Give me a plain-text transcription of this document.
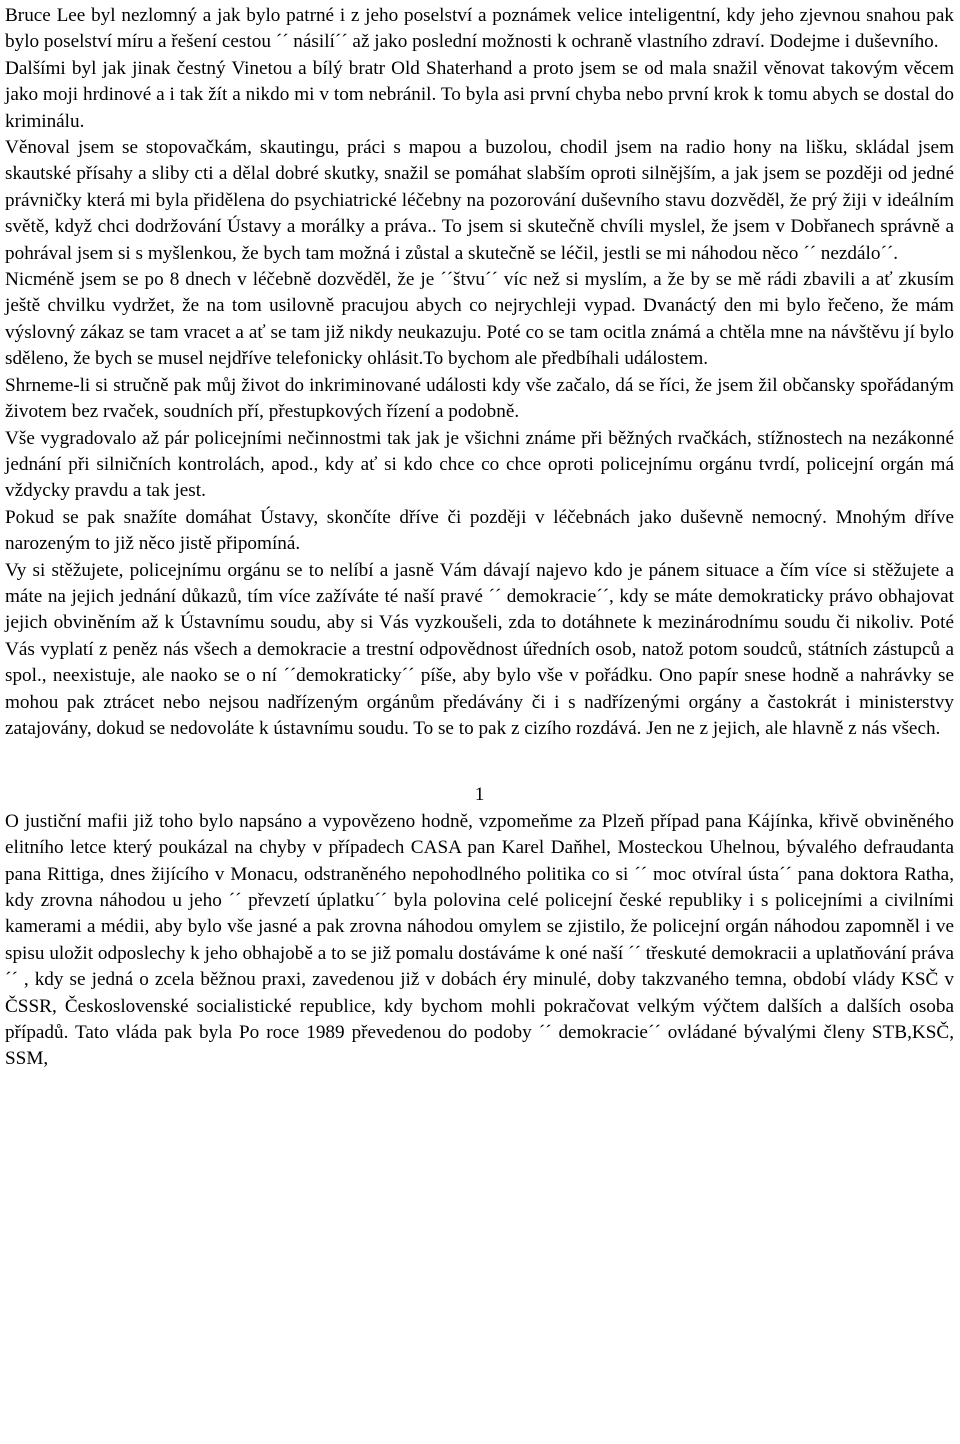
Bruce Lee byl nezlomný a jak bylo patrné i z jeho poselství a poznámek velice inteligentní, kdy jeho zjevnou snahou pak bylo poselství míru a řešení cestou ´´ násilí´´ až jako poslední možnosti k ochraně vlastního zdraví. Dodejme i duševního.

Dalšími byl jak jinak čestný Vinetou a bílý bratr Old Shaterhand a proto jsem se od mala snažil věnovat takovým věcem jako moji hrdinové a i tak žít a nikdo mi v tom nebránil. To byla asi první chyba nebo první krok k tomu abych se dostal do kriminálu.

Věnoval jsem se stopovačkám, skautingu, práci s mapou a buzolou, chodil jsem na radio hony na lišku, skládal jsem skautské přísahy a sliby cti a dělal dobré skutky, snažil se pomáhat slabším oproti silnějším, a jak jsem se později od jedné právničky která mi byla přidělena do psychiatrické léčebny na pozorování duševního stavu dozvěděl, že prý žiji v ideálním světě, když chci dodržování Ústavy a morálky a práva.. To jsem si skutečně chvíli myslel, že jsem v Dobřanech správně a pohrával jsem si s myšlenkou, že bych tam možná i zůstal a skutečně se léčil, jestli se mi náhodou něco ´´ nezdálo´´.

Nicméně jsem se po 8 dnech v léčebně dozvěděl, že je ´´štvu´´ víc než si myslím, a že by se mě rádi zbavili a ať zkusím ještě chvilku vydržet, že na tom usilovně pracujou abych co nejrychleji vypad. Dvanáctý den mi bylo řečeno, že mám výslovný zákaz se tam vracet a ať se tam již nikdy neukazuju. Poté co se tam ocitla známá a chtěla mne na návštěvu jí bylo sděleno, že bych se musel nejdříve telefonicky ohlásit.To bychom ale předbíhali událostem.

Shrneme-li si stručně pak můj život do inkriminované události kdy vše začalo, dá se říci, že jsem žil občansky spořádaným životem bez rvaček, soudních pří, přestupkových řízení a podobně.

Vše vygradovalo až pár policejními nečinnostmi tak jak je všichni známe při běžných rvačkách, stížnostech na nezákonné jednání při silničních kontrolách, apod., kdy ať si kdo chce co chce oproti policejnímu orgánu tvrdí, policejní orgán má vždycky pravdu a tak jest.

Pokud se pak snažíte domáhat Ústavy, skončíte dříve či později v léčebnách jako duševně nemocný. Mnohým dříve narozeným to již něco jistě připomíná.

Vy si stěžujete, policejnímu orgánu se to nelíbí a jasně Vám dávají najevo kdo je pánem situace a čím více si stěžujete a máte na jejich jednání důkazů, tím více zažíváte té naší pravé ´´ demokracie´´, kdy se máte demokraticky právo obhajovat jejich obviněním až k Ústavnímu soudu, aby si Vás vyzkoušeli, zda to dotáhnete k mezinárodnímu soudu či nikoliv. Poté Vás vyplatí z peněz nás všech a demokracie a trestní odpovědnost úředních osob, natož potom soudců, státních zástupců a spol., neexistuje, ale naoko se o ní ´´demokraticky´´ píše, aby bylo vše v pořádku. Ono papír snese hodně a nahrávky se mohou pak ztrácet nebo nejsou nadřízeným orgánům předávány či i s nadřízenými orgány a častokrát i ministerstvy zatajovány, dokud se nedovoláte k ústavnímu soudu. To se to pak z cizího rozdává. Jen ne z jejich, ale hlavně z nás všech.

1

O justiční mafii již toho bylo napsáno a vypovězeno hodně, vzpomeňme za Plzeň případ pana Kájínka, křivě obviněného elitního letce který poukázal na chyby v případech CASA pan Karel Daňhel, Mosteckou Uhelnou, bývalého defraudanta pana Rittiga, dnes žijícího v Monacu, odstraněného nepohodlného politika co si ´´ moc otvíral ústa´´ pana doktora Ratha, kdy zrovna náhodou u jeho ´´ převzetí úplatku´´ byla polovina celé policejní české republiky i s policejními a civilními kamerami a médii, aby bylo vše jasné a pak zrovna náhodou omylem se zjistilo, že policejní orgán náhodou zapomněl i ve spisu uložit odposlechy k jeho obhajobě a to se již pomalu dostáváme k oné naší ´´ třeskuté demokracii a uplatňování práva´´ , kdy se jedná o zcela běžnou praxi, zavedenou již v dobách éry minulé, doby takzvaného temna, období vlády KSČ v ČSSR, Československé socialistické republice, kdy bychom mohli pokračovat velkým výčtem dalších a dalších osoba případů. Tato vláda pak byla Po roce 1989 převedenou do podoby ´´ demokracie´´ ovládané bývalými členy STB,KSČ, SSM,
